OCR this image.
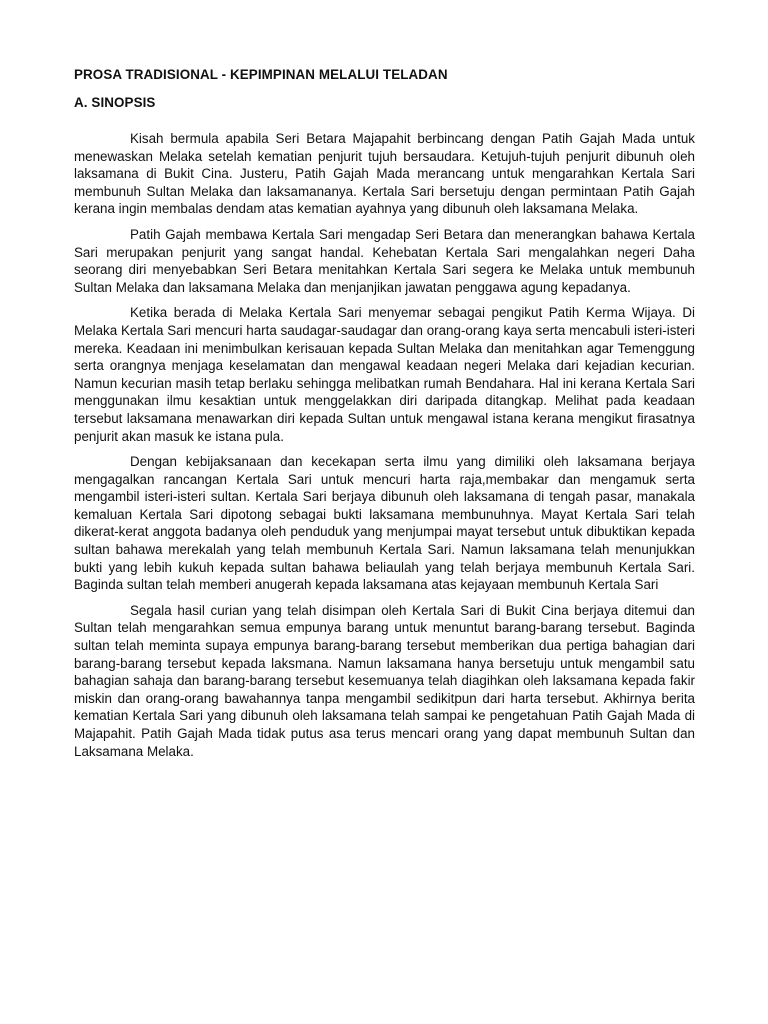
PROSA TRADISIONAL - KEPIMPINAN MELALUI TELADAN
A. SINOPSIS

Kisah bermula apabila Seri Betara Majapahit berbincang dengan Patih Gajah Mada untuk menewaskan Melaka setelah kematian penjurit tujuh bersaudara. Ketujuh-tujuh penjurit dibunuh oleh laksamana di Bukit Cina. Justeru, Patih Gajah Mada merancang untuk mengarahkan Kertala Sari membunuh Sultan Melaka dan laksamananya. Kertala Sari bersetuju dengan permintaan Patih Gajah kerana ingin membalas dendam atas kematian ayahnya yang dibunuh oleh laksamana Melaka.

Patih Gajah membawa Kertala Sari mengadap Seri Betara dan menerangkan bahawa Kertala Sari merupakan penjurit yang sangat handal. Kehebatan Kertala Sari mengalahkan negeri Daha seorang diri menyebabkan Seri Betara menitahkan Kertala Sari segera ke Melaka untuk membunuh Sultan Melaka dan laksamana Melaka dan menjanjikan jawatan penggawa agung kepadanya.

Ketika berada di Melaka Kertala Sari menyemar sebagai pengikut Patih Kerma Wijaya. Di Melaka Kertala Sari mencuri harta saudagar-saudagar dan orang-orang kaya serta mencabuli isteri-isteri mereka. Keadaan ini menimbulkan kerisauan kepada Sultan Melaka dan menitahkan agar Temenggung serta orangnya menjaga keselamatan dan mengawal keadaan negeri Melaka dari kejadian kecurian. Namun kecurian masih tetap berlaku sehingga melibatkan rumah Bendahara. Hal ini kerana Kertala Sari menggunakan ilmu kesaktian untuk menggelakkan diri daripada ditangkap. Melihat pada keadaan tersebut laksamana menawarkan diri kepada Sultan untuk mengawal istana kerana mengikut firasatnya penjurit akan masuk ke istana pula.

Dengan kebijaksanaan dan kecekapan serta ilmu yang dimiliki oleh laksamana berjaya mengagalkan rancangan Kertala Sari untuk mencuri harta raja,membakar dan mengamuk serta mengambil isteri-isteri sultan. Kertala Sari berjaya dibunuh oleh laksamana di tengah pasar, manakala kemaluan Kertala Sari dipotong sebagai bukti laksamana membunuhnya. Mayat Kertala Sari telah dikerat-kerat anggota badanya oleh penduduk yang menjumpai mayat tersebut untuk dibuktikan kepada sultan bahawa merekalah yang telah membunuh Kertala Sari. Namun laksamana telah menunjukkan bukti yang lebih kukuh kepada sultan bahawa beliaulah yang telah berjaya membunuh Kertala Sari. Baginda sultan telah memberi anugerah kepada laksamana atas kejayaan membunuh Kertala Sari

Segala hasil curian yang telah disimpan oleh Kertala Sari di Bukit Cina berjaya ditemui dan Sultan telah mengarahkan semua empunya barang untuk menuntut barang-barang tersebut. Baginda sultan telah meminta supaya empunya barang-barang tersebut memberikan dua pertiga bahagian dari barang-barang tersebut kepada laksmana. Namun laksamana hanya bersetuju untuk mengambil satu bahagian sahaja dan barang-barang tersebut kesemuanya telah diagihkan oleh laksamana kepada fakir miskin dan orang-orang bawahannya tanpa mengambil sedikitpun dari harta tersebut. Akhirnya berita kematian Kertala Sari yang dibunuh oleh laksamana telah sampai ke pengetahuan Patih Gajah Mada di Majapahit. Patih Gajah Mada tidak putus asa terus mencari orang yang dapat membunuh Sultan dan Laksamana Melaka.
